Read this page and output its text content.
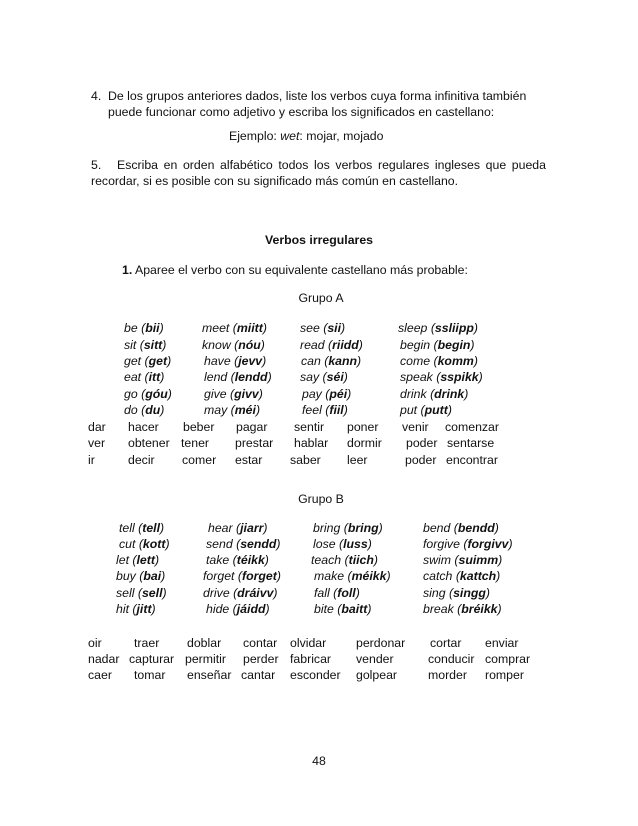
4. De los grupos anteriores dados, liste los verbos cuya forma infinitiva también
puede funcionar como adjetivo y escriba los significados en castellano:
Ejemplo: wet: mojar, mojado
5. Escriba en orden alfabético todos los verbos regulares ingleses que pueda recordar, si es posible con su significado más común en castellano.
Verbos irregulares
1. Aparee el verbo con su equivalente castellano más probable:
Grupo A
be (bii)	meet (miitt)	see (sii)	sleep (ssliipp)
sit (sitt)	know (nóu)	read (riidd)	begin (begin)
get (get)	have (jevv)	can (kann)	come (komm)
eat (itt)	lend (lendd) say (séi)	speak (sspikk)
go (góu)	give (givv)	pay (péi)	drink (drink)
do (du)	may (méi)	feel (fiil)	put (putt)
dar hacer beber pagar sentir poner venir comenzar
ver obtener tener prestar hablar dormir poder sentarse
ir	decir comer estar saber leer	poder encontrar
Grupo B
tell (tell)	hear (jiarr)	bring (bring)	bend (bendd)
cut (kott)	send (sendd)	lose (luss)	forgive (forgivv)
let (lett)	take (téikk)	teach (tiich)	swim (suimm)
buy (bai)	forget (forget)	make (méikk)	catch (kattch)
sell (sell)	drive (dráivv)	fall (foll)	sing (singg)
hit (jitt)	hide (jáidd)	bite (baitt)	break (bréikk)
oir	traer doblar contar olvidar perdonar cortar enviar
nadar capturar permitir perder fabricar vender	conducir comprar
caer tomar enseñar cantar esconder golpear	morder romper
48
